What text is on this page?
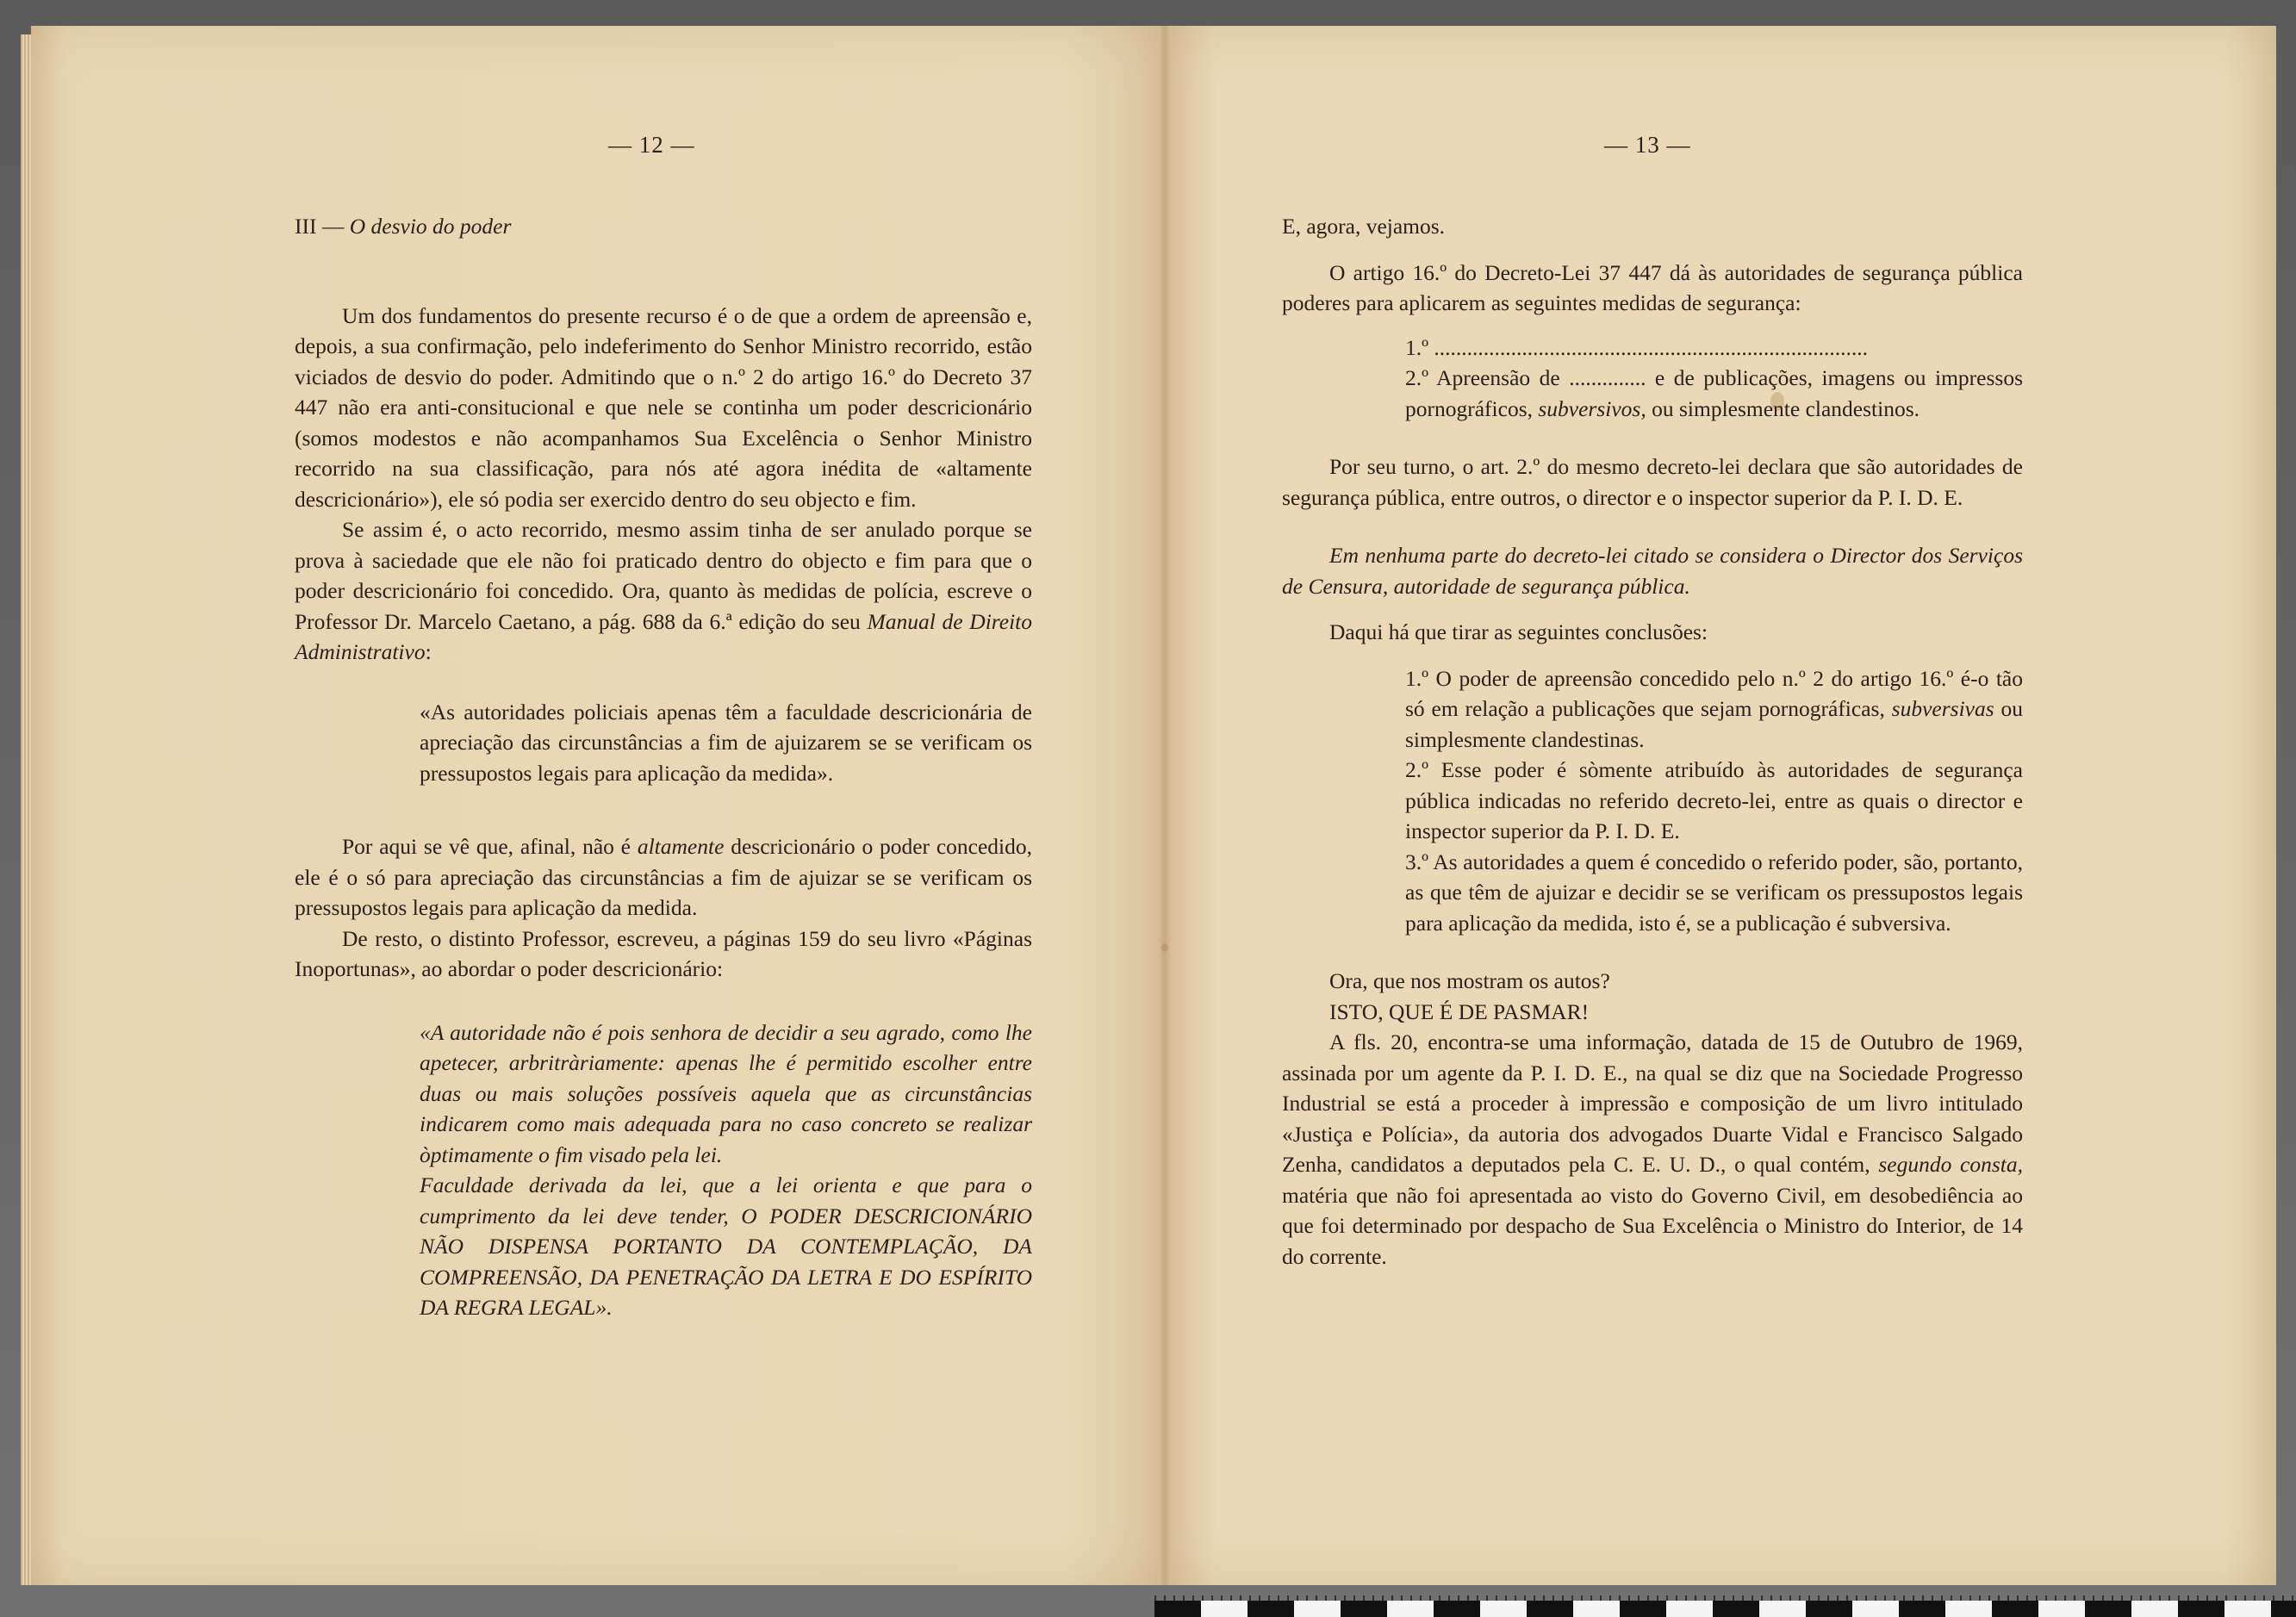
— 12 —

III — O desvio do poder

Um dos fundamentos do presente recurso é o de que a ordem de apreensão e, depois, a sua confirmação, pelo indeferimento do Senhor Ministro recorrido, estão viciados de desvio do poder. Admitindo que o n.º 2 do artigo 16.º do Decreto 37 447 não era anti-consitucional e que nele se continha um poder descricionário (somos modestos e não acompanhamos Sua Excelência o Senhor Ministro recorrido na sua classificação, para nós até agora inédita de «altamente descricionário»), ele só podia ser exercido dentro do seu objecto e fim.

Se assim é, o acto recorrido, mesmo assim tinha de ser anulado porque se prova à saciedade que ele não foi praticado dentro do objecto e fim para que o poder descricionário foi concedido. Ora, quanto às medidas de polícia, escreve o Professor Dr. Marcelo Caetano, a pág. 688 da 6.ª edição do seu Manual de Direito Administrativo:

«As autoridades policiais apenas têm a faculdade descricionária de apreciação das circunstâncias a fim de ajuizarem se se verificam os pressupostos legais para aplicação da medida».

Por aqui se vê que, afinal, não é altamente descricionário o poder concedido, ele é o só para apreciação das circunstâncias a fim de ajuizar se se verificam os pressupostos legais para aplicação da medida.

De resto, o distinto Professor, escreveu, a páginas 159 do seu livro «Páginas Inoportunas», ao abordar o poder descricionário:

«A autoridade não é pois senhora de decidir a seu agrado, como lhe apetecer, arbritràriamente: apenas lhe é permitido escolher entre duas ou mais soluções possíveis aquela que as circunstâncias indicarem como mais adequada para no caso concreto se realizar òptimamente o fim visado pela lei.

Faculdade derivada da lei, que a lei orienta e que para o cumprimento da lei deve tender, O PODER DESCRICIONÁRIO NÃO DISPENSA PORTANTO DA CONTEMPLAÇÃO, DA COMPREENSÃO, DA PENETRAÇÃO DA LETRA E DO ESPÍRITO DA REGRA LEGAL».

— 13 —

E, agora, vejamos.

O artigo 16.º do Decreto-Lei 37 447 dá às autoridades de segurança pública poderes para aplicarem as seguintes medidas de segurança:

1.º ...............................................................................

2.º Apreensão de .............. e de publicações, imagens ou impressos pornográficos, subversivos, ou simplesmente clandestinos.

Por seu turno, o art. 2.º do mesmo decreto-lei declara que são autoridades de segurança pública, entre outros, o director e o inspector superior da P. I. D. E.

Em nenhuma parte do decreto-lei citado se considera o Director dos Serviços de Censura, autoridade de segurança pública.

Daqui há que tirar as seguintes conclusões:

1.º O poder de apreensão concedido pelo n.º 2 do artigo 16.º é-o tão só em relação a publicações que sejam pornográficas, subversivas ou simplesmente clandestinas.

2.º Esse poder é sòmente atribuído às autoridades de segurança pública indicadas no referido decreto-lei, entre as quais o director e inspector superior da P. I. D. E.

3.º As autoridades a quem é concedido o referido poder, são, portanto, as que têm de ajuizar e decidir se se verificam os pressupostos legais para aplicação da medida, isto é, se a publicação é subversiva.

Ora, que nos mostram os autos?

ISTO, QUE É DE PASMAR!

A fls. 20, encontra-se uma informação, datada de 15 de Outubro de 1969, assinada por um agente da P. I. D. E., na qual se diz que na Sociedade Progresso Industrial se está a proceder à impressão e composição de um livro intitulado «Justiça e Polícia», da autoria dos advogados Duarte Vidal e Francisco Salgado Zenha, candidatos a deputados pela C. E. U. D., o qual contém, segundo consta, matéria que não foi apresentada ao visto do Governo Civil, em desobediência ao que foi determinado por despacho de Sua Excelência o Ministro do Interior, de 14 do corrente.
